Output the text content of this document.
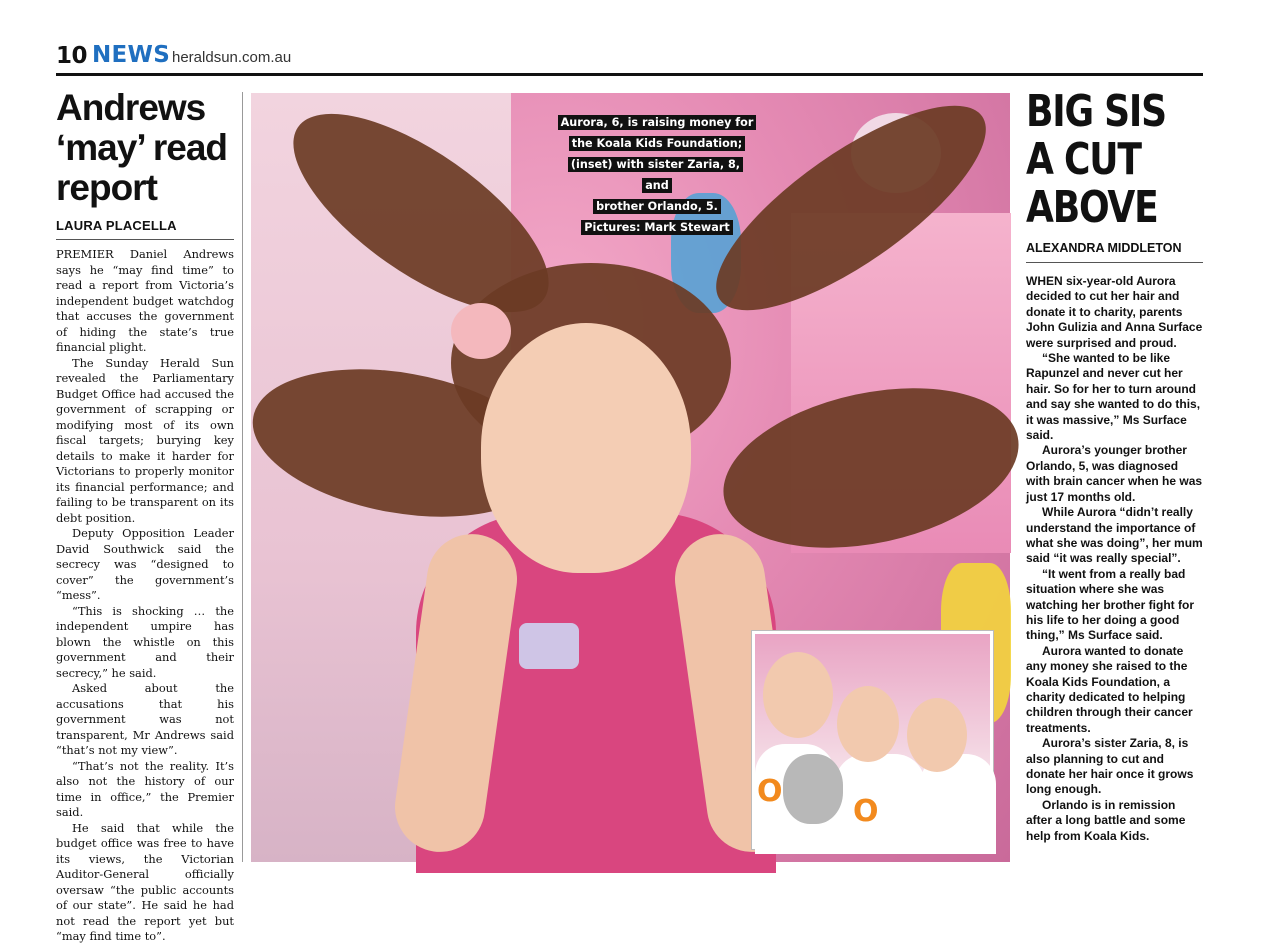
10 NEWS heraldsun.com.au
Andrews ‘may’ read report
LAURA PLACELLA

PREMIER Daniel Andrews says he “may find time” to read a report from Victoria’s independent budget watchdog that accuses the government of hiding the state’s true financial plight.

The Sunday Herald Sun revealed the Parliamentary Budget Office had accused the government of scrapping or modifying most of its own fiscal targets; burying key details to make it harder for Victorians to properly monitor its financial performance; and failing to be transparent on its debt position.

Deputy Opposition Leader David Southwick said the secrecy was “designed to cover” the government’s “mess”.

“This is shocking … the independent umpire has blown the whistle on this government and their secrecy,” he said.

Asked about the accusations that his government was not transparent, Mr Andrews said “that’s not my view”.

“That’s not the reality. It’s also not the history of our time in office,” the Premier said.

He said that while the budget office was free to have its views, the Victorian Auditor-General officially oversaw “the public accounts of our state”. He said he had not read the report yet but “may find time to”.

Aurora, 6, is raising money for
the Koala Kids Foundation;
(inset) with sister Zaria, 8, and
brother Orlando, 5.
Pictures: Mark Stewart
O
O
BIG SIS
A CUT
ABOVE
ALEXANDRA MIDDLETON

WHEN six-year-old Aurora decided to cut her hair and donate it to charity, parents John Gulizia and Anna Surface were surprised and proud.

“She wanted to be like Rapunzel and never cut her hair. So for her to turn around and say she wanted to do this, it was massive,” Ms Surface said.

Aurora’s younger brother Orlando, 5, was diagnosed with brain cancer when he was just 17 months old.

While Aurora “didn’t really understand the importance of what she was doing”, her mum said “it was really special”.

“It went from a really bad situation where she was watching her brother fight for his life to her doing a good thing,” Ms Surface said.

Aurora wanted to donate any money she raised to the Koala Kids Foundation, a charity dedicated to helping children through their cancer treatments.

Aurora’s sister Zaria, 8, is also planning to cut and donate her hair once it grows long enough.

Orlando is in remission after a long battle and some help from Koala Kids.
